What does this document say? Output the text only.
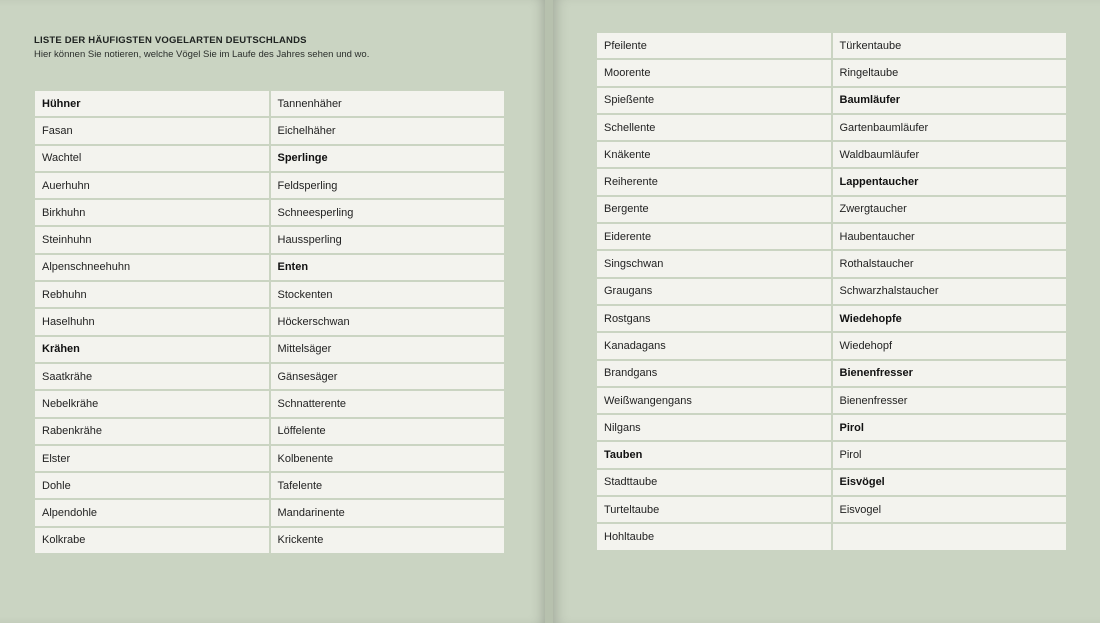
LISTE DER HÄUFIGSTEN VOGELARTEN DEUTSCHLANDS

Hier können Sie notieren, welche Vögel Sie im Laufe des Jahres sehen und wo.

Hühner	Tannenhäher
Fasan	Eichelhäher
Wachtel	Sperlinge
Auerhuhn	Feldsperling
Birkhuhn	Schneesperling
Steinhuhn	Haussperling
Alpenschneehuhn	Enten
Rebhuhn	Stockenten
Haselhuhn	Höckerschwan
Krähen	Mittelsäger
Saatkrähe	Gänsesäger
Nebelkrähe	Schnatterente
Rabenkrähe	Löffelente
Elster	Kolbenente
Dohle	Tafelente
Alpendohle	Mandarinente
Kolkrabe	Krickente
Pfeilente	Türkentaube
Moorente	Ringeltaube
Spießente	Baumläufer
Schellente	Gartenbaumläufer
Knäkente	Waldbaumläufer
Reiherente	Lappentaucher
Bergente	Zwergtaucher
Eiderente	Haubentaucher
Singschwan	Rothalstaucher
Graugans	Schwarzhalstaucher
Rostgans	Wiedehopfe
Kanadagans	Wiedehopf
Brandgans	Bienenfresser
Weißwangengans	Bienenfresser
Nilgans	Pirol
Tauben	Pirol
Stadttaube	Eisvögel
Turteltaube	Eisvogel
Hohltaube	
